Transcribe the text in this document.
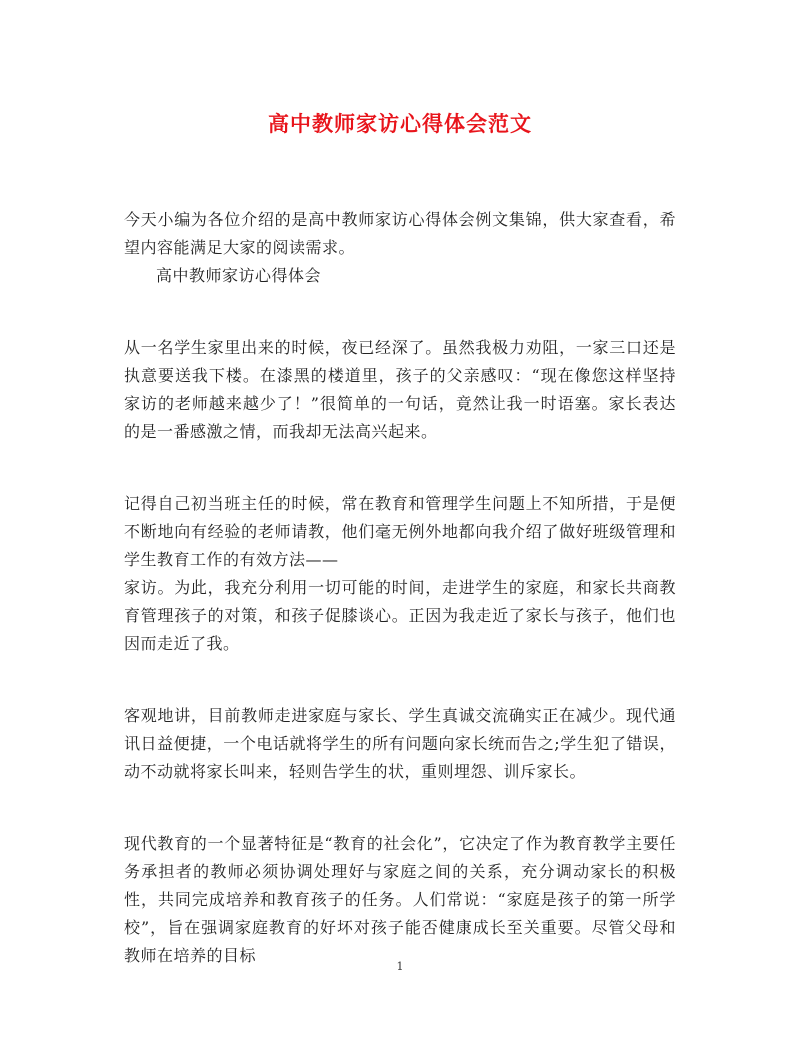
高中教师家访心得体会范文

今天小编为各位介绍的是高中教师家访心得体会例文集锦，供大家查看，希望内容能满足大家的阅读需求。

高中教师家访心得体会

从一名学生家里出来的时候，夜已经深了。虽然我极力劝阻，一家三口还是执意要送我下楼。在漆黑的楼道里，孩子的父亲感叹：“现在像您这样坚持家访的老师越来越少了！”很简单的一句话，竟然让我一时语塞。家长表达的是一番感激之情，而我却无法高兴起来。

记得自己初当班主任的时候，常在教育和管理学生问题上不知所措，于是便不断地向有经验的老师请教，他们毫无例外地都向我介绍了做好班级管理和学生教育工作的有效方法——

家访。为此，我充分利用一切可能的时间，走进学生的家庭，和家长共商教育管理孩子的对策，和孩子促膝谈心。正因为我走近了家长与孩子，他们也因而走近了我。

客观地讲，目前教师走进家庭与家长、学生真诚交流确实正在减少。现代通讯日益便捷，一个电话就将学生的所有问题向家长统而告之;学生犯了错误，动不动就将家长叫来，轻则告学生的状，重则埋怨、训斥家长。

现代教育的一个显著特征是“教育的社会化”，它决定了作为教育教学主要任务承担者的教师必须协调处理好与家庭之间的关系，充分调动家长的积极性，共同完成培养和教育孩子的任务。人们常说：“家庭是孩子的第一所学校”，旨在强调家庭教育的好坏对孩子能否健康成长至关重要。尽管父母和教师在培养的目标

1
